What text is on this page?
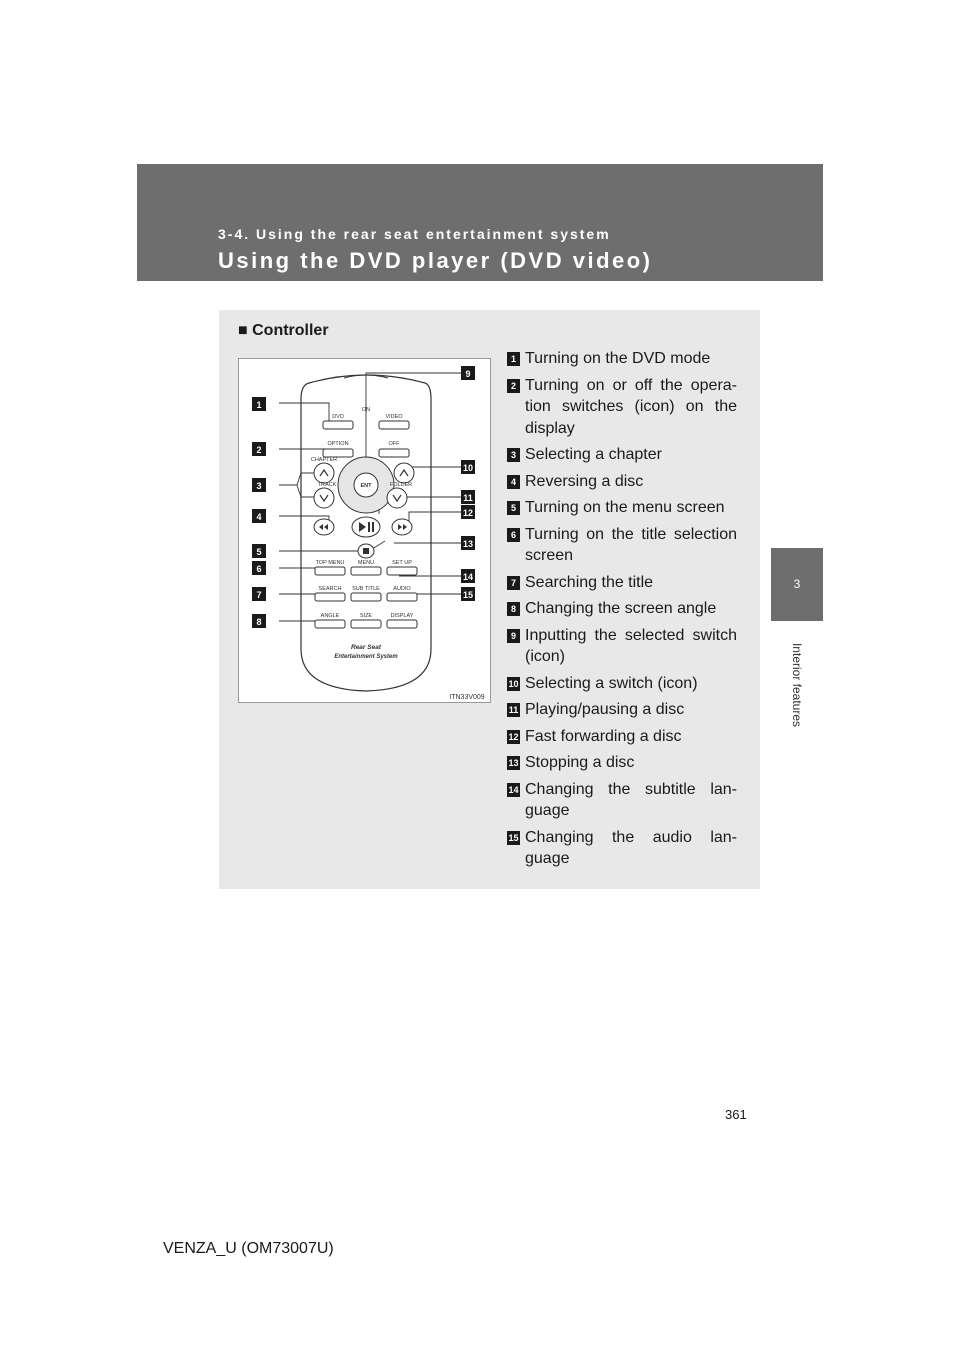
3-4. Using the rear seat entertainment system
Using the DVD player (DVD video)
3
Interior features
■ Controller
ON
DVD	VIDEO
OPTION	OFF
CHAPTER
ENT
TRACK	FOLDER
TOP MENU MENU	SET UP
SEARCH SUB TITLE AUDIO
ANGLE	SIZE	DISPLAY
Rear Seat
Entertainment System
ITN33V009
1
2
3
4
5
6
7
8
9
10
11
12
13
14
15
1 Turning on the DVD mode
2 Turning on or off the opera-tion switches (icon) on the display
3 Selecting a chapter
4 Reversing a disc
5 Turning on the menu screen
6 Turning on the title selection screen
7 Searching the title
8 Changing the screen angle
9 Inputting the selected switch (icon)
10 Selecting a switch (icon)
11 Playing/pausing a disc
12 Fast forwarding a disc
13 Stopping a disc
14 Changing the subtitle lan-guage
15 Changing the audio lan-guage
361
VENZA_U (OM73007U)
